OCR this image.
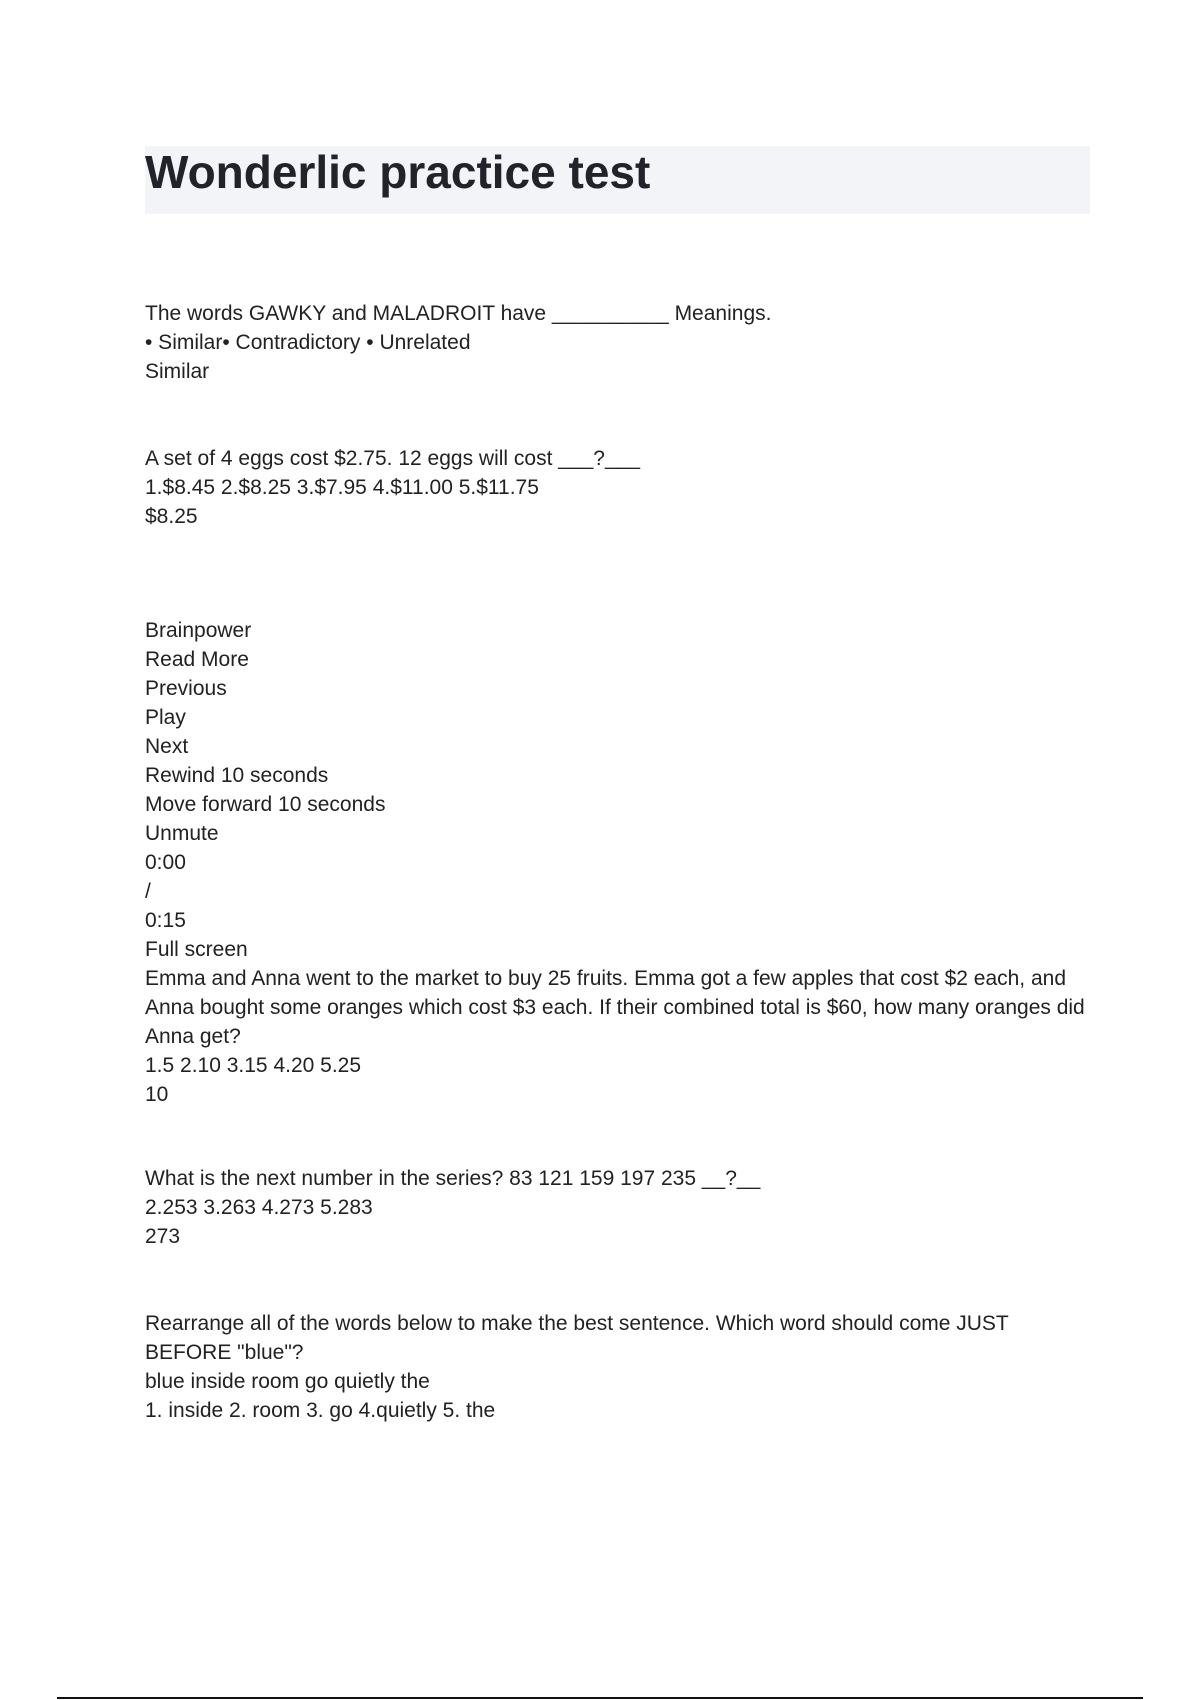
Wonderlic practice test
The words GAWKY and MALADROIT have __________ Meanings.
• Similar• Contradictory • Unrelated
Similar
A set of 4 eggs cost $2.75. 12 eggs will cost ___?___
1.$8.45 2.$8.25 3.$7.95 4.$11.00 5.$11.75
$8.25
Brainpower
Read More
Previous
Play
Next
Rewind 10 seconds
Move forward 10 seconds
Unmute
0:00
/
0:15
Full screen
Emma and Anna went to the market to buy 25 fruits. Emma got a few apples that cost $2 each, and Anna bought some oranges which cost $3 each. If their combined total is $60, how many oranges did Anna get?
1.5 2.10 3.15 4.20 5.25
10
What is the next number in the series? 83 121 159 197 235 __?__
2.253 3.263 4.273 5.283
273
Rearrange all of the words below to make the best sentence. Which word should come JUST BEFORE "blue"?
blue inside room go quietly the
1. inside 2. room 3. go 4.quietly 5. the
